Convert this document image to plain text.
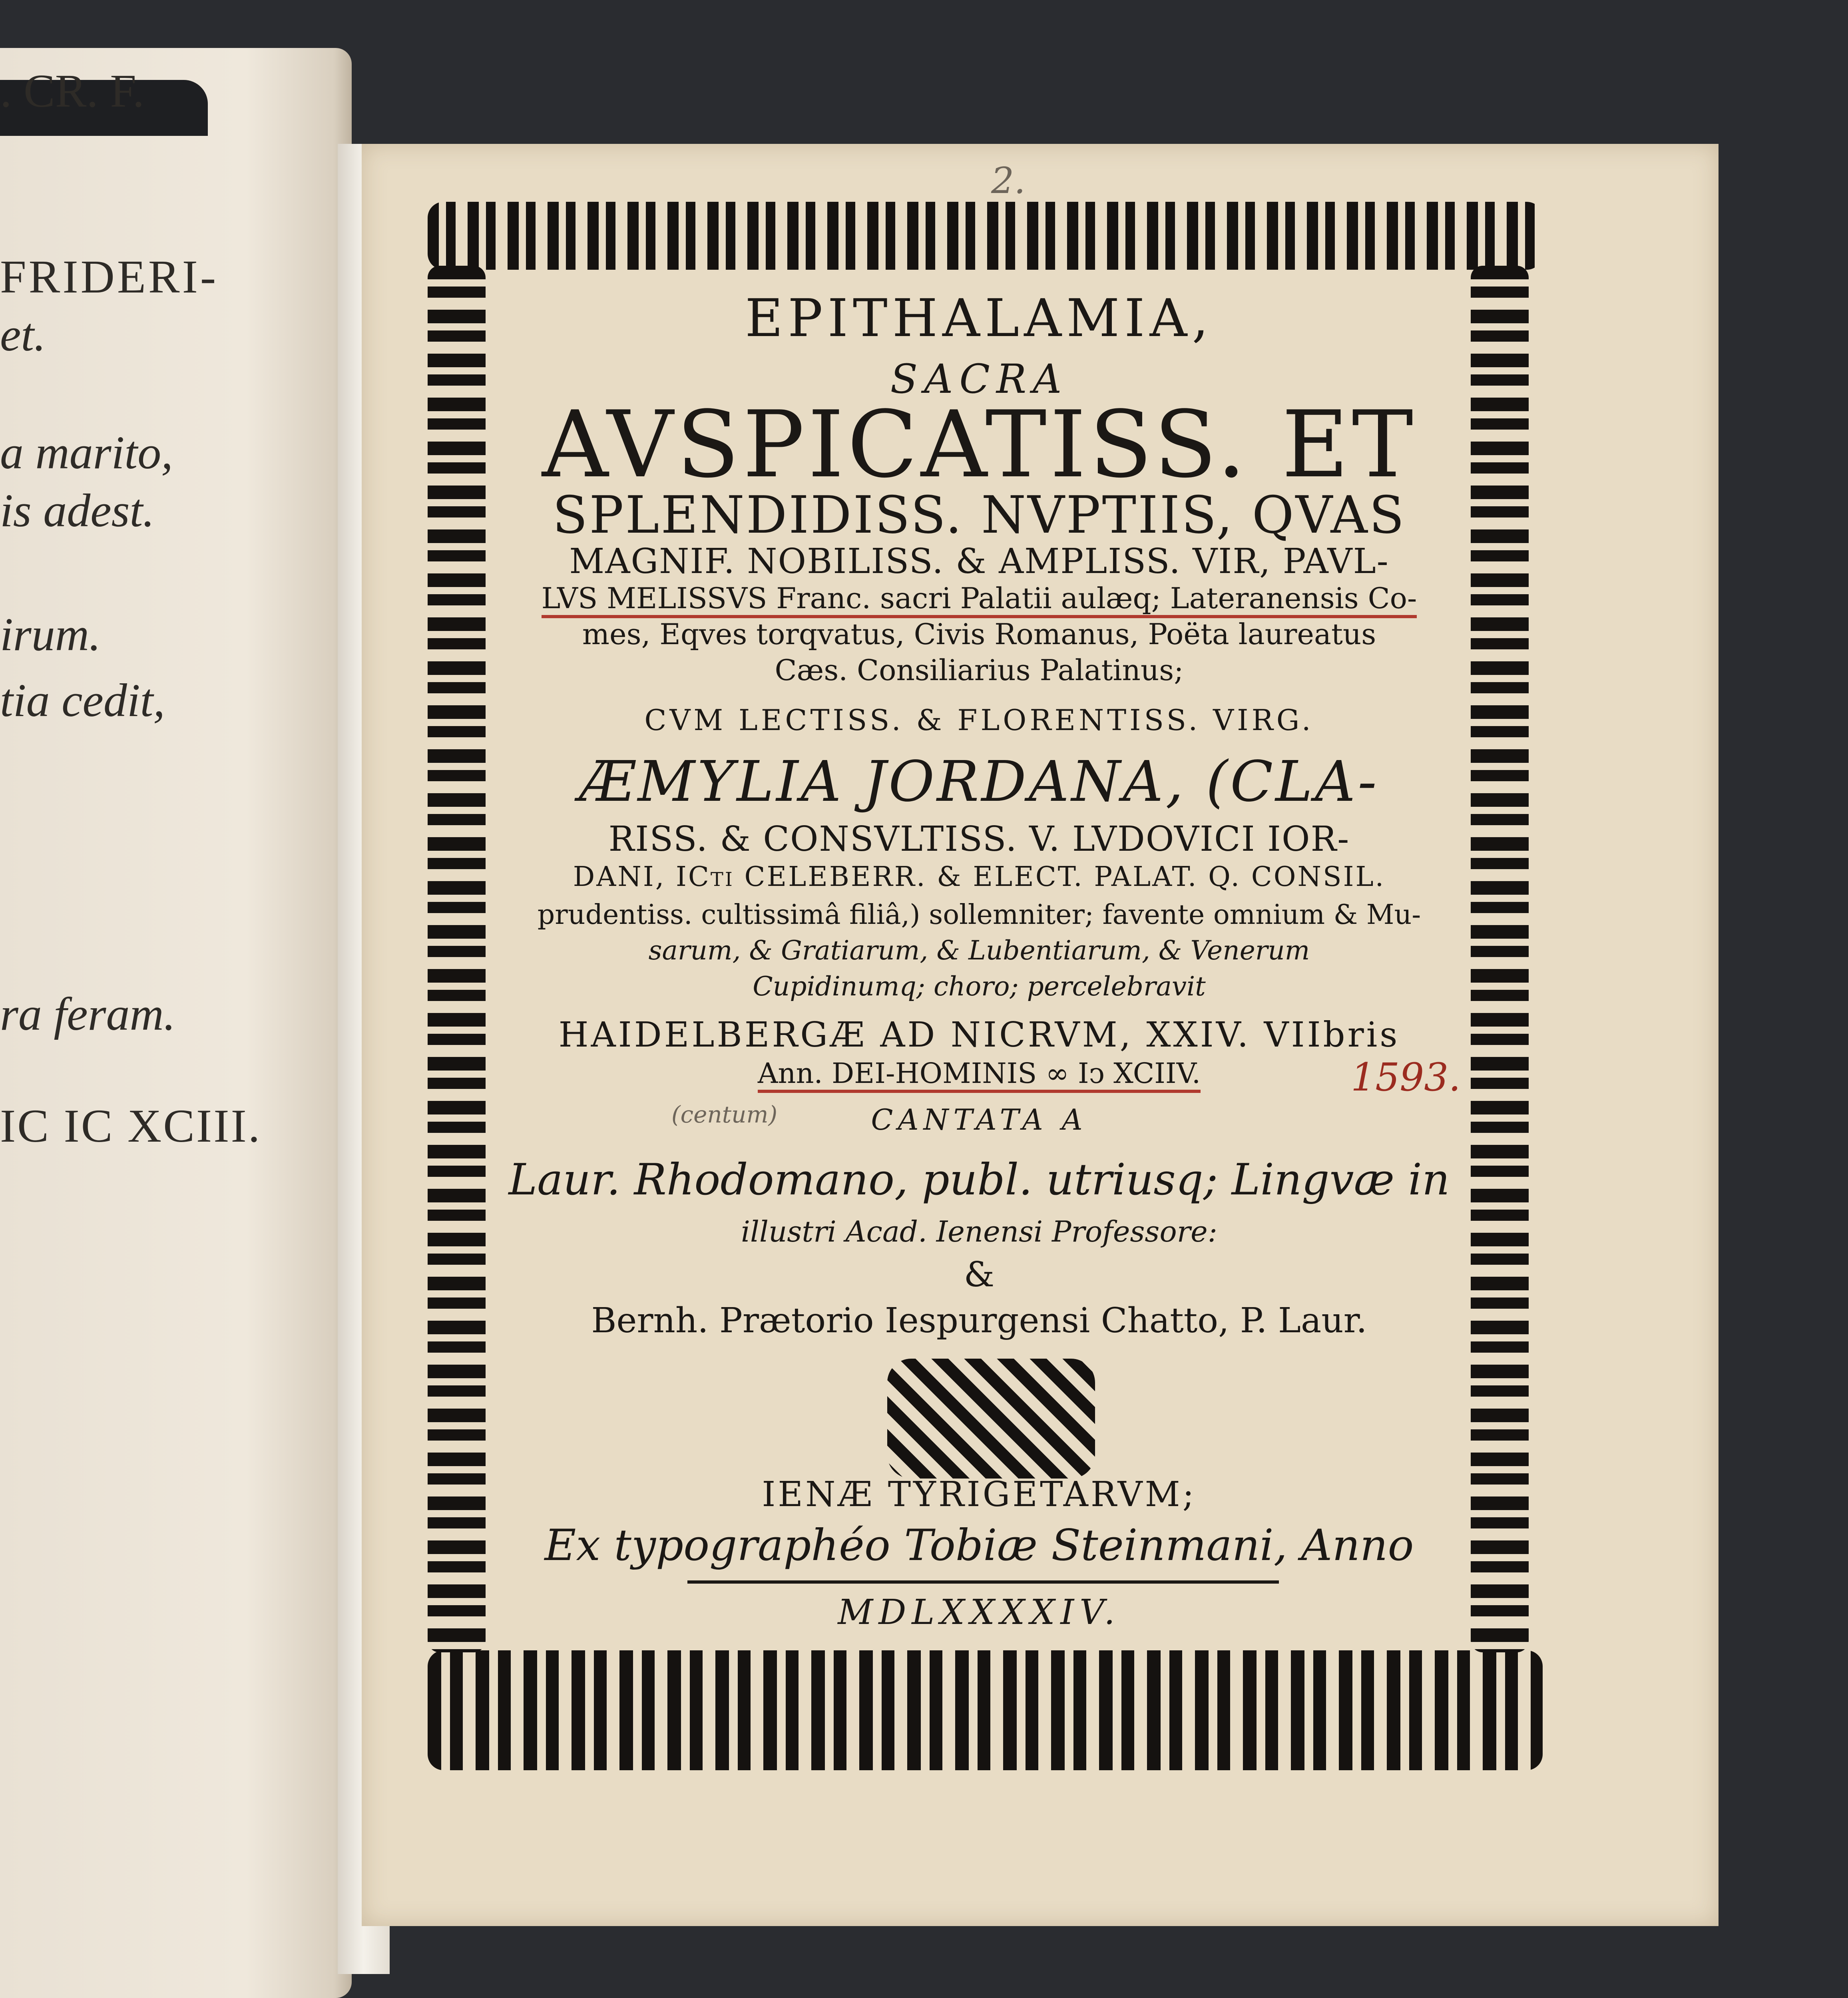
. CR. F.
FRIDERI-
et.
a marito,
is adest.
irum.
tia cedit,
ra feram.
IC IC XCIII.
2.
EPITHALAMIA,
SACRA
AVSPICATISS. ET
SPLENDIDISS. NVPTIIS, QVAS
MAGNIF. NOBILISS. & AMPLISS. VIR, PAVL-
LVS MELISSVS Franc. sacri Palatii aulæq; Lateranensis Co-
mes, Eqves torqvatus, Civis Romanus, Poëta laureatus
Cæs. Consiliarius Palatinus;
CVM LECTISS. & FLORENTISS. VIRG.
ÆMYLIA JORDANA, (CLA-
RISS. & CONSVLTISS. V. LVDOVICI IOR-
DANI, ICti CELEBERR. & ELECT. PALAT. Q. CONSIL.
prudentiss. cultissimâ filiâ,) sollemniter; favente omnium & Mu-
sarum, & Gratiarum, & Lubentiarum, & Venerum
Cupidinumq; choro; percelebravit
HAIDELBERGÆ AD NICRVM, XXIV. VIIbris
Ann. DEI-HOMINIS ∞ Iↄ XCIIV.
CANTATA A
Laur. Rhodomano, publ. utriusq; Lingvæ in
illustri Acad. Ienensi Professore:
&
Bernh. Prætorio Iespurgensi Chatto, P. Laur.
IENÆ TYRIGETARVM;
Ex typographéo Tobiæ Steinmani, Anno
MDLXXXXIV.
1593.
(centum)
